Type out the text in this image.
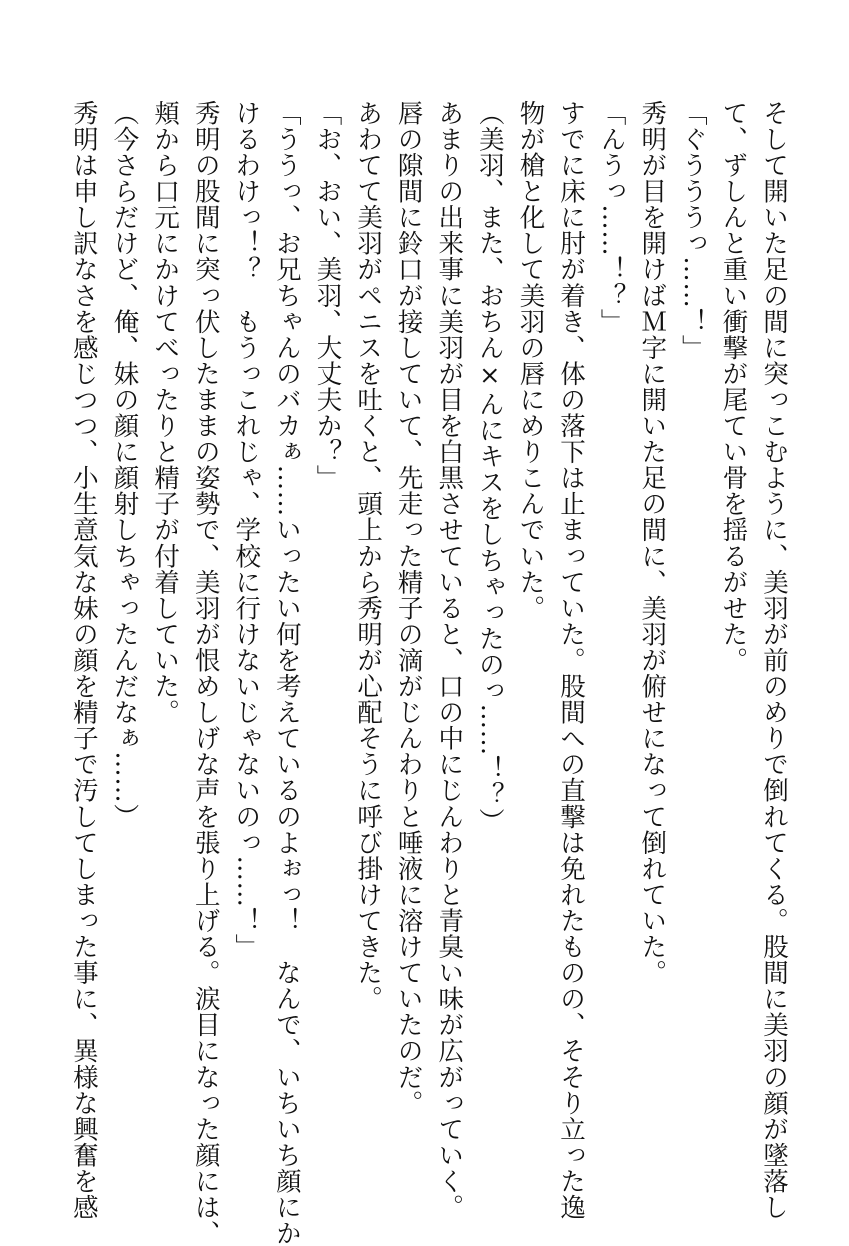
そして開いた足の間に突っこむように、美羽が前のめりで倒れてくる。股間に美羽の顔が墜落し
て、ずしんと重い衝撃が尾てい骨を揺るがせた。
「ぐうううっ……！」
秀明が目を開けばＭ字に開いた足の間に、美羽が俯せになって倒れていた。
「んうっ……！？」
すでに床に肘が着き、体の落下は止まっていた。股間への直撃は免れたものの、そそり立った逸
物が槍と化して美羽の唇にめりこんでいた。
（美羽、また、おちん×んにキスをしちゃったのっ……！？）
あまりの出来事に美羽が目を白黒させていると、口の中にじんわりと青臭い味が広がっていく。
唇の隙間に鈴口が接していて、先走った精子の滴がじんわりと唾液に溶けていたのだ。
あわてて美羽がペニスを吐くと、頭上から秀明が心配そうに呼び掛けてきた。
「お、おい、美羽、大丈夫か？」
「ううっ、お兄ちゃんのバカぁ……いったい何を考えているのよぉっ！　なんで、いちいち顔にか
けるわけっ！？　もうっこれじゃ、学校に行けないじゃないのっ……！」
秀明の股間に突っ伏したままの姿勢で、美羽が恨めしげな声を張り上げる。涙目になった顔には、
頬から口元にかけてべったりと精子が付着していた。
（今さらだけど、俺、妹の顔に顔射しちゃったんだなぁ……）
秀明は申し訳なさを感じつつ、小生意気な妹の顔を精子で汚してしまった事に、異様な興奮を感
